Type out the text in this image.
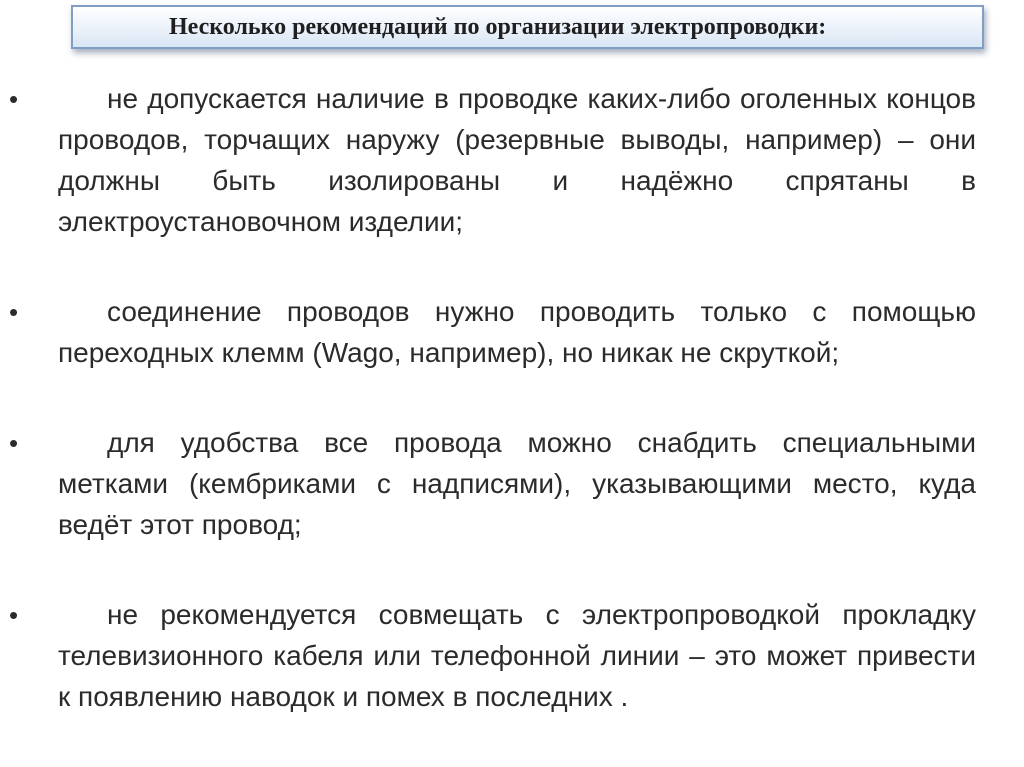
Несколько рекомендаций по организации электропроводки:
•	не допускается наличие в проводке каких-либо оголенных концов проводов, торчащих наружу (резервные выводы, например) – они должны быть изолированы и надёжно спрятаны в электроустановочном изделии;
•	соединение проводов нужно проводить только с помощью переходных клемм (Wago, например), но никак не скруткой;
•	для удобства все провода можно снабдить специальными метками (кембриками с надписями), указывающими место, куда ведёт этот провод;
•	не рекомендуется совмещать с электропроводкой прокладку телевизионного кабеля или телефонной линии – это может привести к появлению наводок и помех в последних .
